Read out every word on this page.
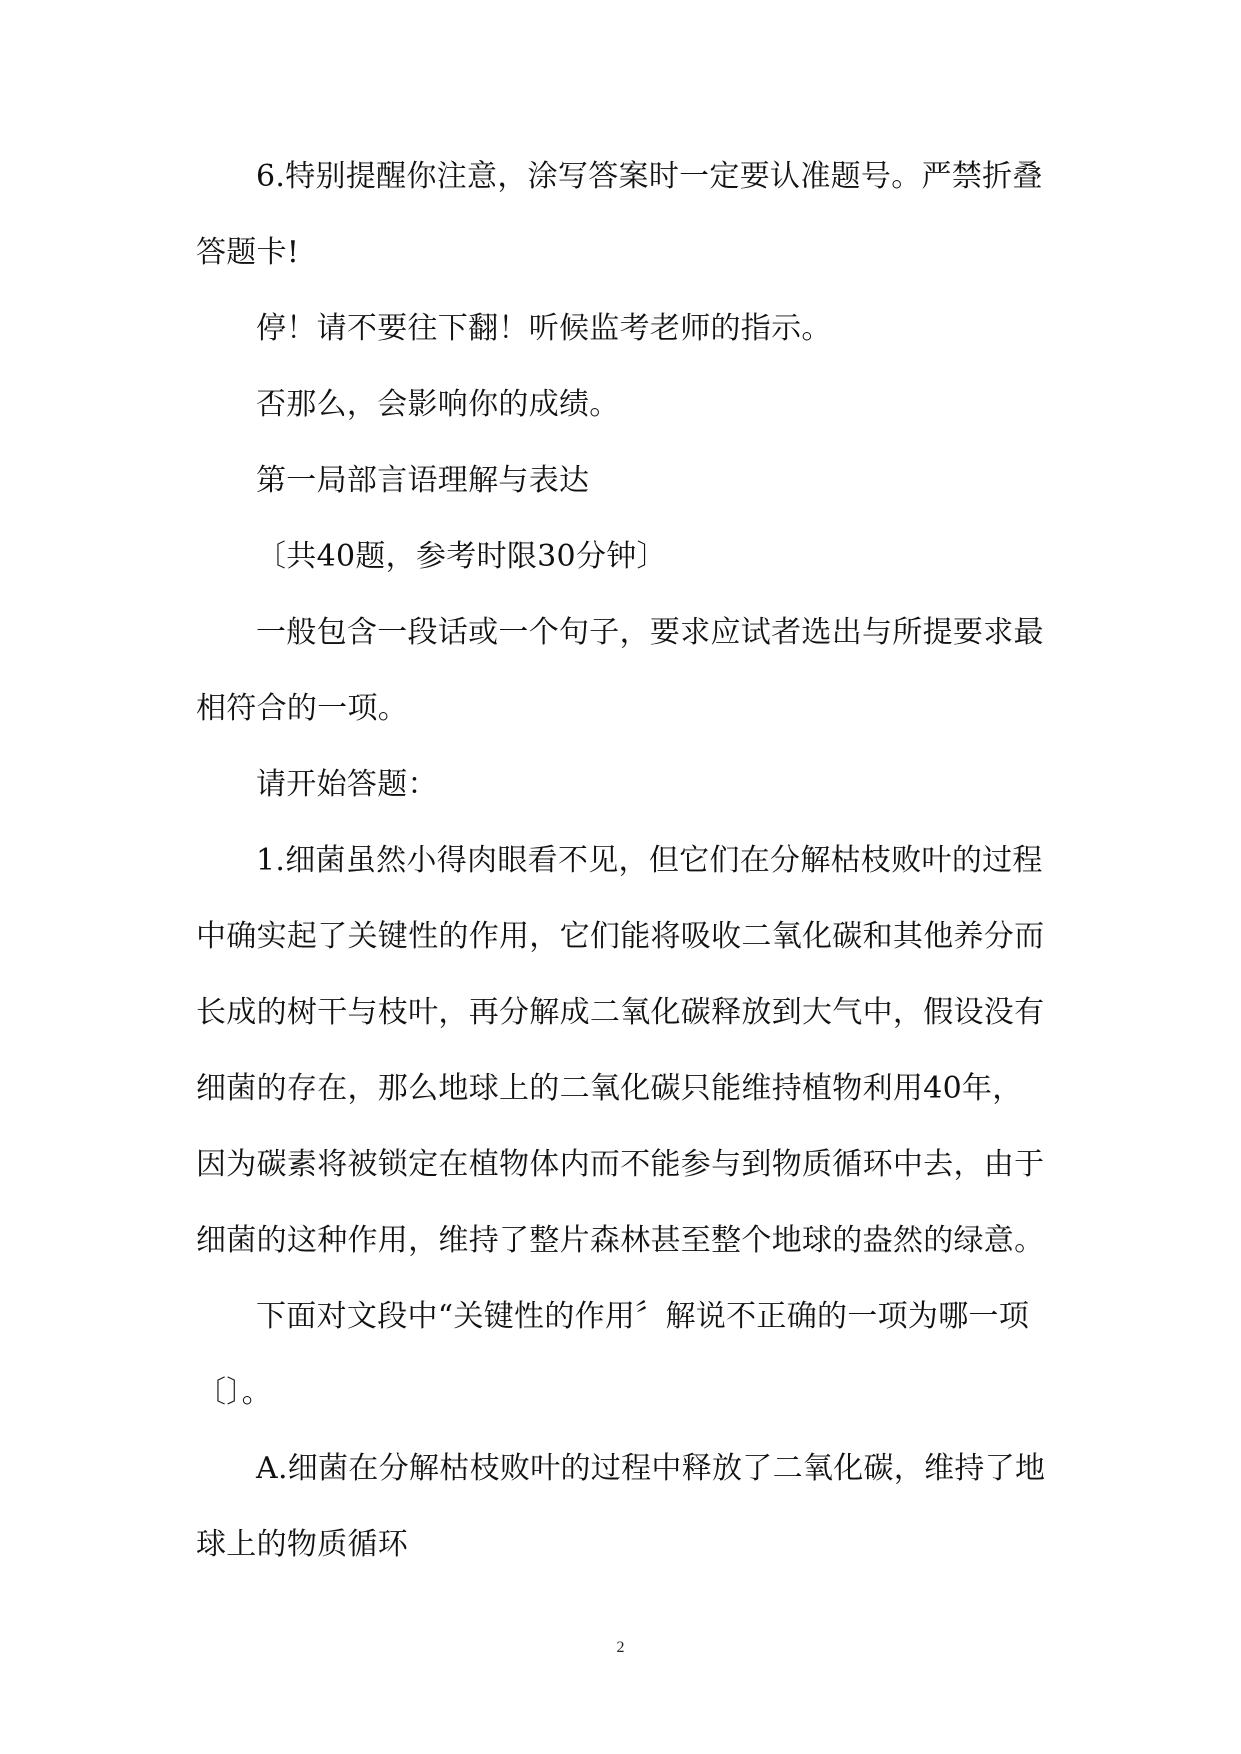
6.特别提醒你注意，涂写答案时一定要认准题号。严禁折叠答题卡!

停！请不要往下翻！听候监考老师的指示。

否那么，会影响你的成绩。

第一局部言语理解与表达

〔共40题，参考时限30分钟〕

一般包含一段话或一个句子，要求应试者选出与所提要求最相符合的一项。

请开始答题：

1.细菌虽然小得肉眼看不见，但它们在分解枯枝败叶的过程中确实起了关键性的作用，它们能将吸收二氧化碳和其他养分而长成的树干与枝叶，再分解成二氧化碳释放到大气中，假设没有细菌的存在，那么地球上的二氧化碳只能维持植物利用40年，因为碳素将被锁定在植物体内而不能参与到物质循环中去，由于细菌的这种作用，维持了整片森林甚至整个地球的盎然的绿意。

下面对文段中“关键性的作用〞解说不正确的一项为哪一项〔〕。

A.细菌在分解枯枝败叶的过程中释放了二氧化碳，维持了地球上的物质循环

2
